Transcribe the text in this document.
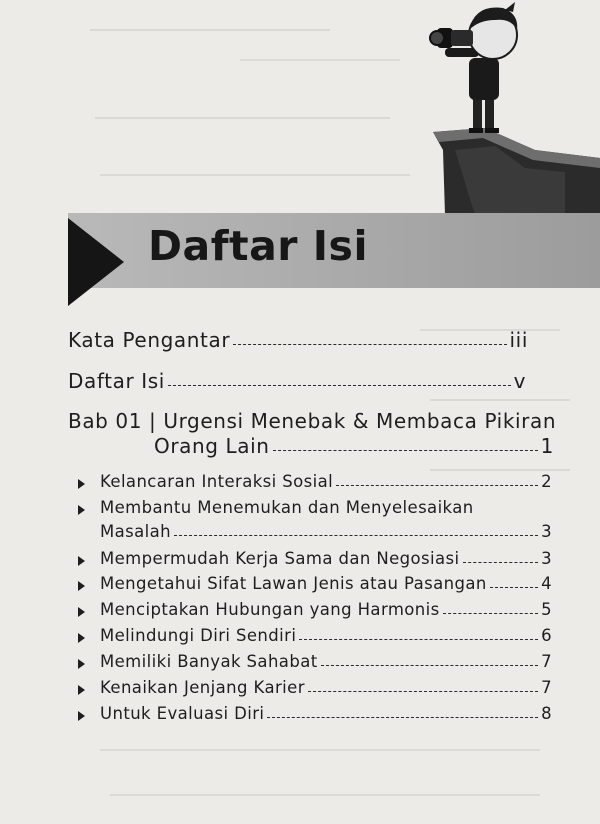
Daftar Isi
Kata Pengantar	iii
Daftar Isi	v
Bab 01 | Urgensi Menebak & Membaca Pikiran
Orang Lain	1
Kelancaran Interaksi Sosial	2
Membantu Menemukan dan Menyelesaikan
Masalah	3
Mempermudah Kerja Sama dan Negosiasi	3
Mengetahui Sifat Lawan Jenis atau Pasangan	4
Menciptakan Hubungan yang Harmonis	5
Melindungi Diri Sendiri	6
Memiliki Banyak Sahabat	7
Kenaikan Jenjang Karier	7
Untuk Evaluasi Diri	8
